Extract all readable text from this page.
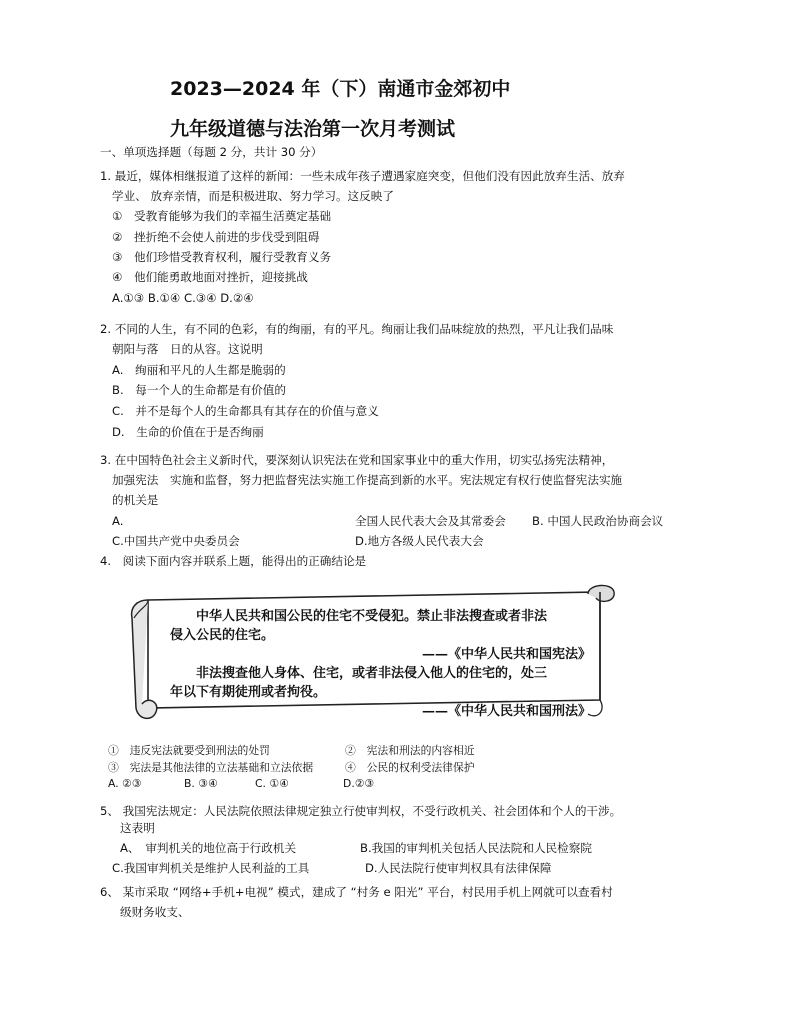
2023—2024 年（下）南通市金郊初中
九年级道德与法治第一次月考测试
一、单项选择题（每题 2 分，共计 30 分）
1. 最近，媒体相继报道了这样的新闻：一些未成年孩子遭遇家庭突变，但他们没有因此放弃生活、放弃
学业、 放弃亲情，而是积极进取、努力学习。这反映了
①　受教育能够为我们的幸福生活奠定基础
②　挫折绝不会使人前进的步伐受到阻碍
③　他们珍惜受教育权利，履行受教育义务
④　他们能勇敢地面对挫折，迎接挑战
A.①③ B.①④ C.③④ D.②④
2. 不同的人生，有不同的色彩，有的绚丽，有的平凡。绚丽让我们品味绽放的热烈，平凡让我们品味
朝阳与落　日的从容。这说明
A.　绚丽和平凡的人生都是脆弱的
B.　每一个人的生命都是有价值的
C.　并不是每个人的生命都具有其存在的价值与意义
D.　生命的价值在于是否绚丽
3. 在中国特色社会主义新时代，要深刻认识宪法在党和国家事业中的重大作用，切实弘扬宪法精神，
加强宪法　实施和监督，努力把监督宪法实施工作提高到新的水平。宪法规定有权行使监督宪法实施
的机关是
A.	全国人民代表大会及其常委会 B. 中国人民政治协商会议
C.中国共产党中央委员会	D.地方各级人民代表大会
4.　阅读下面内容并联系上题，能得出的正确结论是
中华人民共和国公民的住宅不受侵犯。禁止非法搜查或者非法
侵入公民的住宅。
——《中华人民共和国宪法》
非法搜查他人身体、住宅，或者非法侵入他人的住宅的，处三
年以下有期徒刑或者拘役。
——《中华人民共和国刑法》
①　违反宪法就要受到刑法的处罚	②　宪法和刑法的内容相近
③　宪法是其他法律的立法基础和立法依据	④　公民的权利受法律保护
A. ②③	B. ③④	C. ①④	D.②③
5、 我国宪法规定：人民法院依照法律规定独立行使审判权，不受行政机关、社会团体和个人的干涉。
这表明
A、　审判机关的地位高于行政机关	B.我国的审判机关包括人民法院和人民检察院
C.我国审判机关是维护人民利益的工具	D.人民法院行使审判权具有法律保障
6、 某市采取 “网络+手机+电视” 模式，建成了 “村务 e 阳光” 平台，村民用手机上网就可以查看村
级财务收支、
